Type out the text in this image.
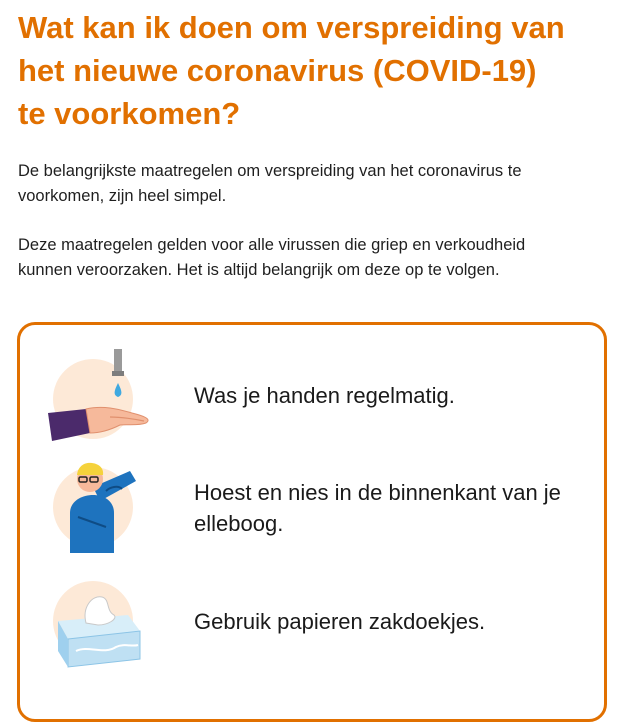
Wat kan ik doen om verspreiding van
het nieuwe coronavirus (COVID-19)
te voorkomen?

De belangrijkste maatregelen om verspreiding van het coronavirus te
voorkomen, zijn heel simpel.

Deze maatregelen gelden voor alle virussen die griep en verkoudheid
kunnen veroorzaken. Het is altijd belangrijk om deze op te volgen.

Was je handen regelmatig.

Hoest en nies in de binnenkant van je
elleboog.

Gebruik papieren zakdoekjes.
